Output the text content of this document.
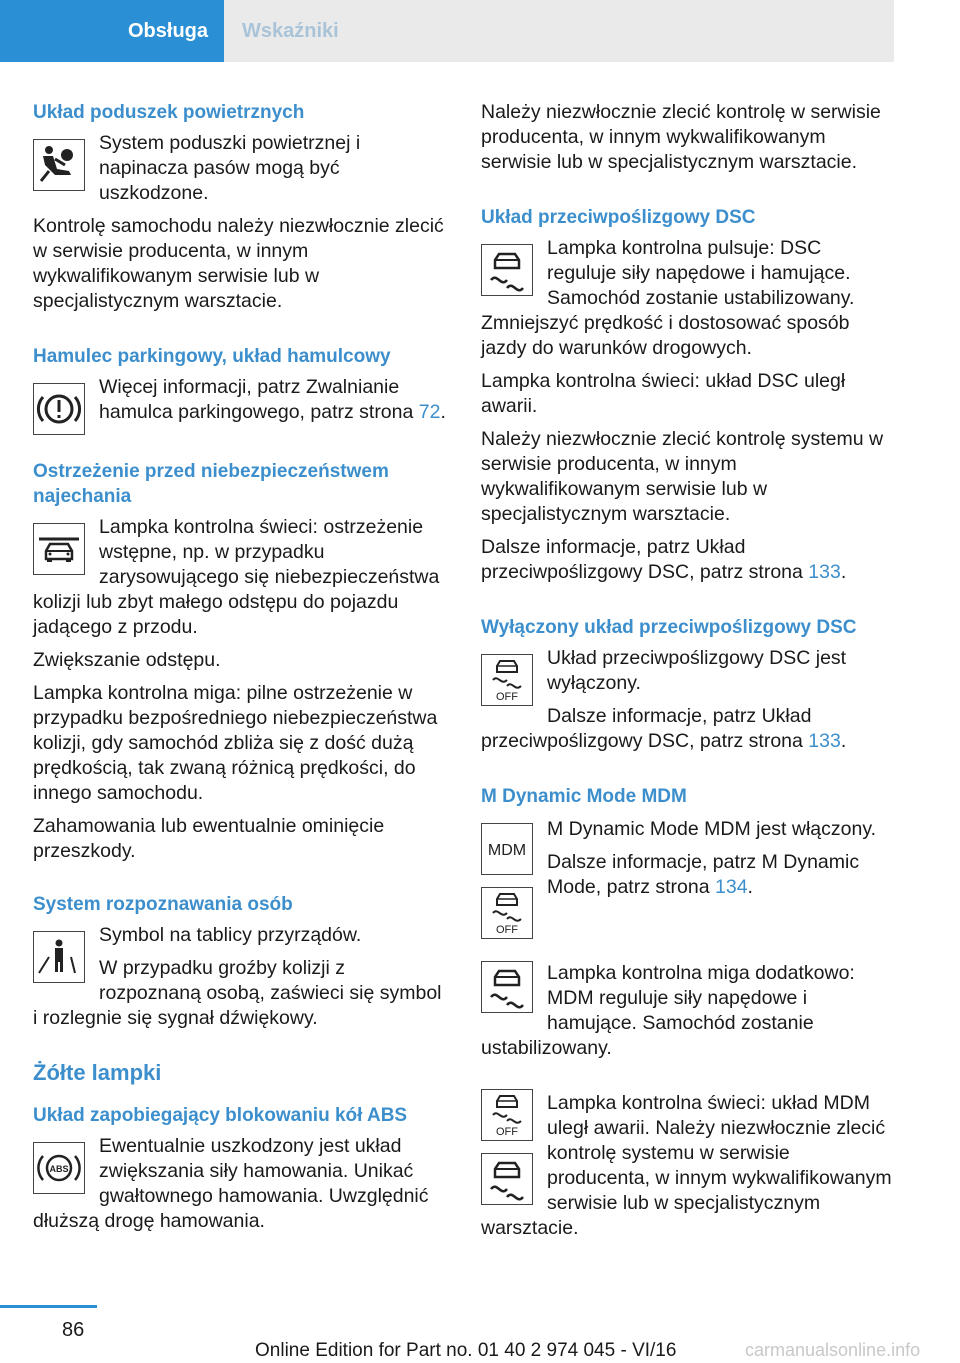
Obsługa	Wskaźniki
Układ poduszek powietrznych

System poduszki powietrznej i napinacza pasów mogą być uszkodzone.

Kontrolę samochodu należy niezwłocznie zlecić w serwisie producenta, w innym wykwalifikowanym serwisie lub w specjalistycznym warsztacie.

Hamulec parkingowy, układ hamulcowy

Więcej informacji, patrz Zwalnianie hamulca parkingowego, patrz strona 72.

Ostrzeżenie przed niebezpieczeństwem najechania

Lampka kontrolna świeci: ostrzeżenie wstępne, np. w przypadku zarysowującego się niebezpieczeństwa kolizji lub zbyt małego odstępu do pojazdu jadącego z przodu.

Zwiększanie odstępu.

Lampka kontrolna miga: pilne ostrzeżenie w przypadku bezpośredniego niebezpieczeństwa kolizji, gdy samochód zbliża się z dość dużą prędkością, tak zwaną różnicą prędkości, do innego samochodu.

Zahamowania lub ewentualnie ominięcie przeszkody.

System rozpoznawania osób

Symbol na tablicy przyrządów.

W przypadku groźby kolizji z rozpoznaną osobą, zaświeci się symbol i rozlegnie się sygnał dźwiękowy.

Żółte lampki
Układ zapobiegający blokowaniu kół ABS
ABS

Ewentualnie uszkodzony jest układ zwiększania siły hamowania. Unikać gwałtownego hamowania. Uwzględnić dłuższą drogę hamowania.

Należy niezwłocznie zlecić kontrolę w serwisie producenta, w innym wykwalifikowanym serwisie lub w specjalistycznym warsztacie.

Układ przeciwpoślizgowy DSC

Lampka kontrolna pulsuje: DSC reguluje siły napędowe i hamujące. Samochód zostanie ustabilizowany. Zmniejszyć prędkość i dostosować sposób jazdy do warunków drogowych.

Lampka kontrolna świeci: układ DSC uległ awarii.

Należy niezwłocznie zlecić kontrolę systemu w serwisie producenta, w innym wykwalifikowanym serwisie lub w specjalistycznym warsztacie.

Dalsze informacje, patrz Układ przeciwpoślizgowy DSC, patrz strona 133.

Wyłączony układ przeciwpoślizgowy DSC
OFF

Układ przeciwpoślizgowy DSC jest wyłączony.

Dalsze informacje, patrz Układ przeciwpoślizgowy DSC, patrz strona 133.

M Dynamic Mode MDM
MDM
OFF

M Dynamic Mode MDM jest włączony.

Dalsze informacje, patrz M Dynamic Mode, patrz strona 134.

Lampka kontrolna miga dodatkowo: MDM reguluje siły napędowe i hamujące. Samochód zostanie ustabilizowany.

OFF

Lampka kontrolna świeci: układ MDM uległ awarii. Należy niezwłocznie zlecić kontrolę systemu w serwisie producenta, w innym wykwalifikowanym serwisie lub w specjalistycznym warsztacie.

86
Online Edition for Part no. 01 40 2 974 045 - VI/16	carmanualsonline.info
